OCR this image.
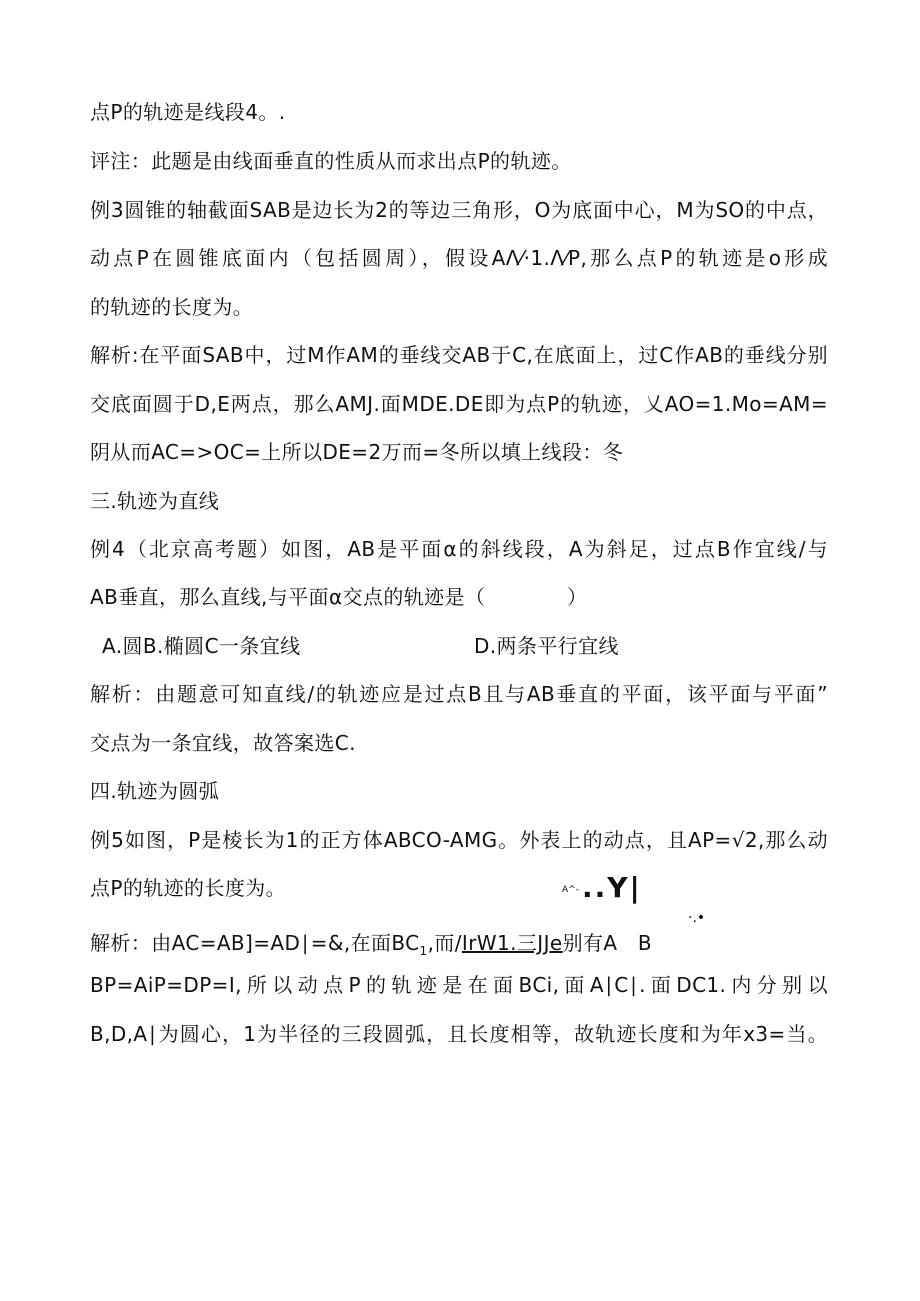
点P的轨迹是线段4。.
评注：此题是由线面垂直的性质从而求出点P的轨迹。
例3圆锥的轴截面SAB是边长为2的等边三角形，O为底面中心，M为SO的中点，
动点P在圆锥底面内（包括圆周），假设AΛ⁄·1.Λ⁄P,那么点P的轨迹是o形成
的轨迹的长度为。
解析:在平面SAB中，过M作AM的垂线交AB于C,在底面上，过C作AB的垂线分别
交底面圆于D,E两点，那么AMJ.面MDE.DE即为点P的轨迹，乂AO=1.Mo=AM=
阴从而AC=>OC=上所以DE=2万而=冬所以填上线段：冬
三.轨迹为直线
例4（北京高考题）如图，AB是平面α的斜线段，A为斜足，过点B作宜线/与
AB垂直，那么直线,与平面α交点的轨迹是（　　　　）
A.圆B.椭圆C一条宜线	D.两条平行宜线
解析：由题意可知直线/的轨迹应是过点B且与AB垂直的平面，该平面与平面”
交点为一条宜线，故答案选C.
四.轨迹为圆弧
例5如图，P是棱长为1的正方体ABCO-AMG。外表上的动点，且AP=√2,那么动
点P的轨迹的长度为。	A^- ..Y|
·.•
解析：由AC=AB]=AD∣=&,在面$BC_1$,而/IrW1.三JJe别有A　B
BP=AiP=DP=I,所以动点P的轨迹是在面BCi,面A∣C∣.面DC1.内分别以
B,D,A∣为圆心，1为半径的三段圆弧，且长度相等，故轨迹长度和为年x3=当。
